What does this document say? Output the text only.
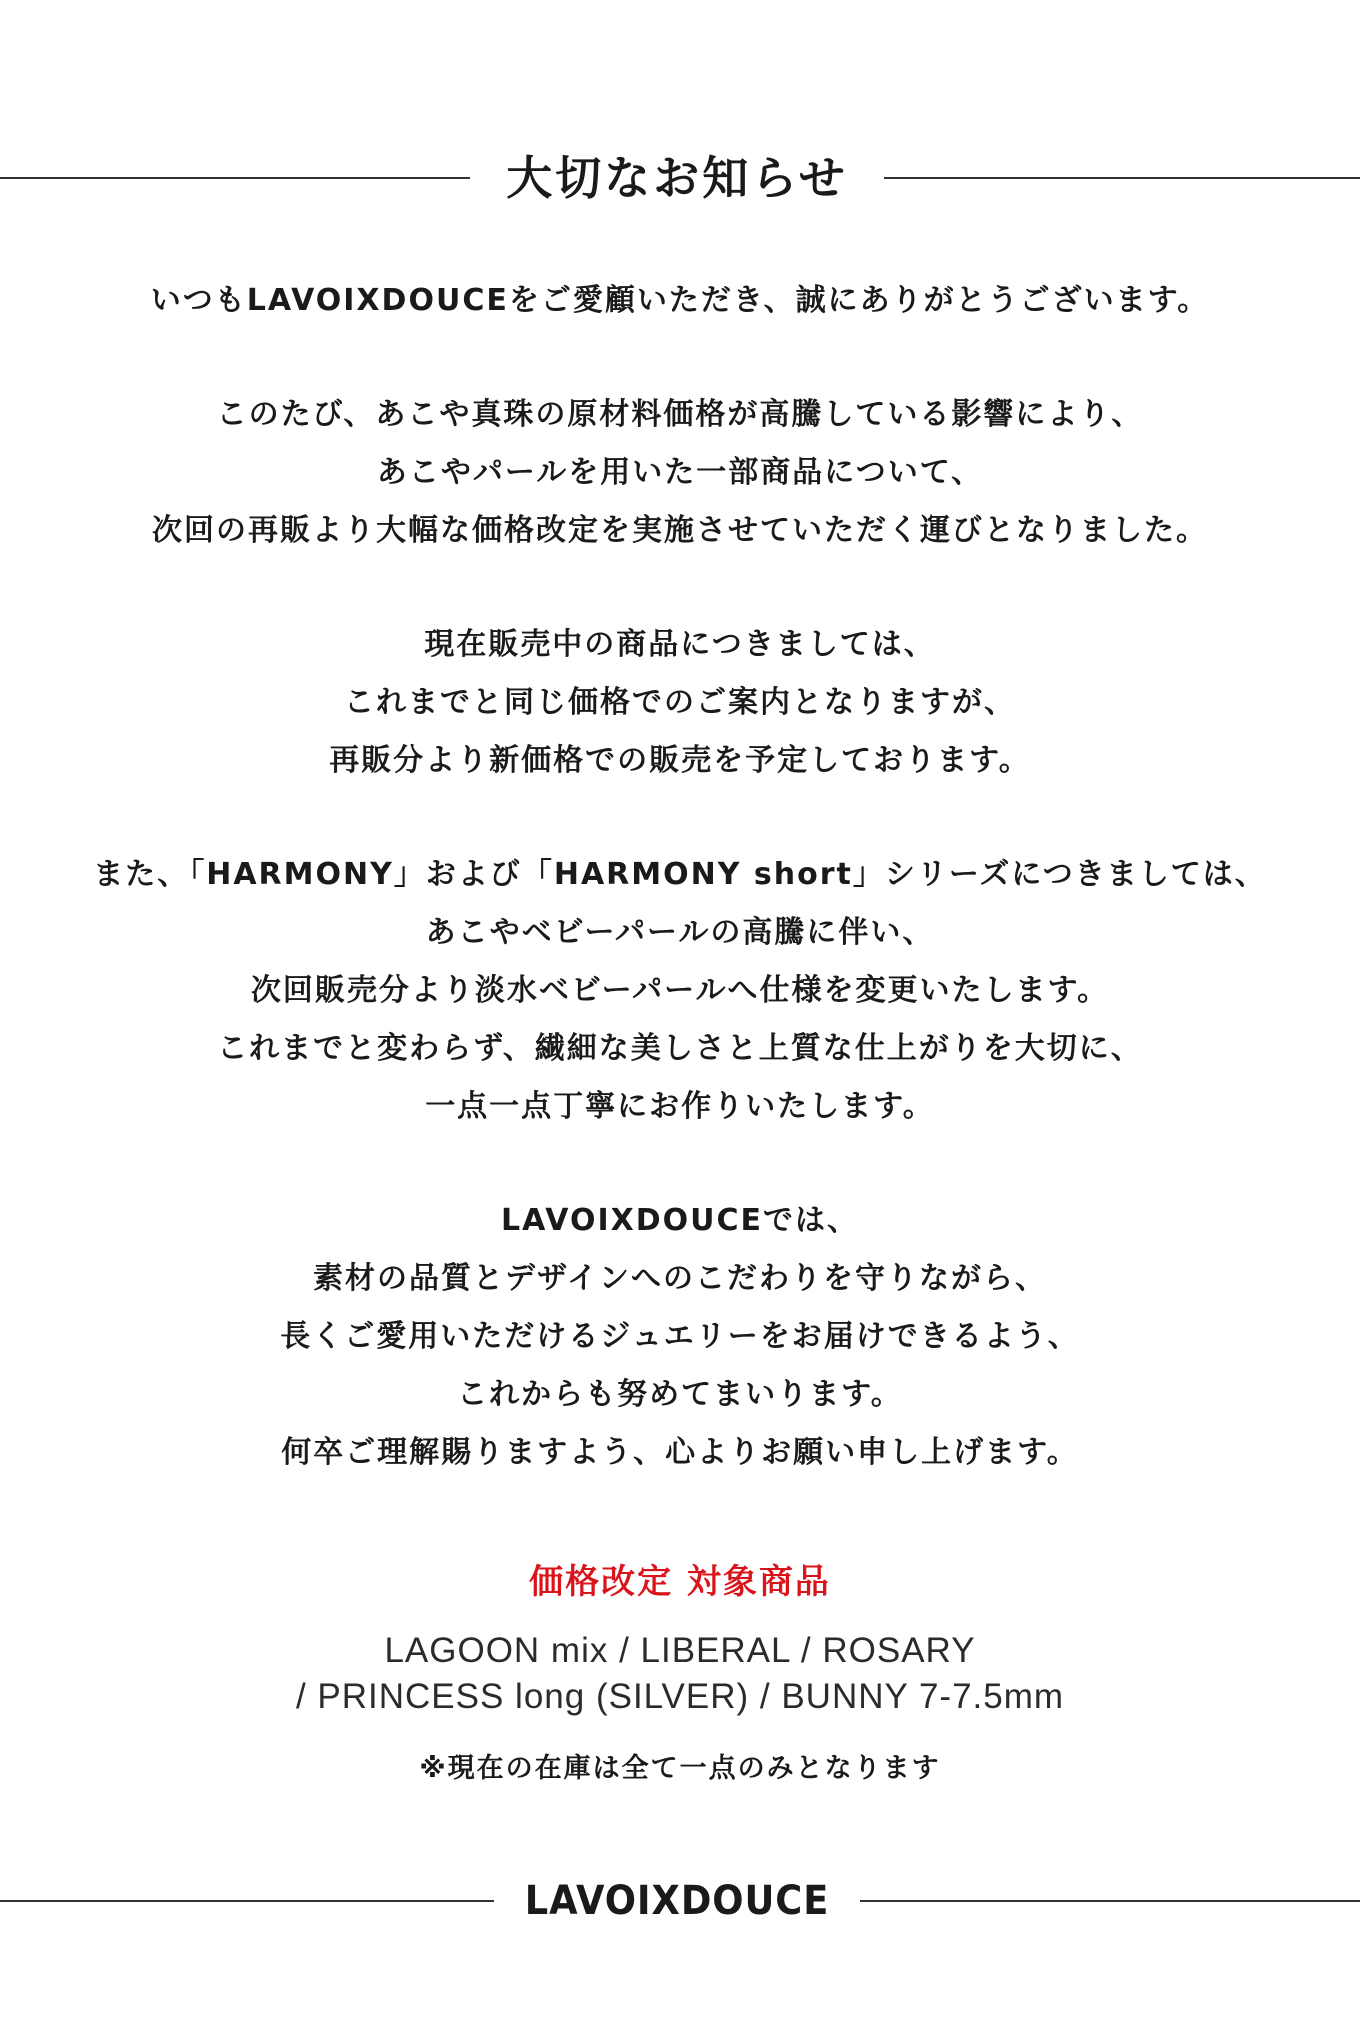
大切なお知らせ
いつもLAVOIXDOUCEをご愛顧いただき、誠にありがとうございます。
このたび、あこや真珠の原材料価格が高騰している影響により、
あこやパールを用いた一部商品について、
次回の再販より大幅な価格改定を実施させていただく運びとなりました。
現在販売中の商品につきましては、
これまでと同じ価格でのご案内となりますが、
再販分より新価格での販売を予定しております。
また、「HARMONY」および「HARMONY short」シリーズにつきましては、
あこやベビーパールの高騰に伴い、
次回販売分より淡水ベビーパールへ仕様を変更いたします。
これまでと変わらず、繊細な美しさと上質な仕上がりを大切に、
一点一点丁寧にお作りいたします。
LAVOIXDOUCEでは、
素材の品質とデザインへのこだわりを守りながら、
長くご愛用いただけるジュエリーをお届けできるよう、
これからも努めてまいります。
何卒ご理解賜りますよう、心よりお願い申し上げます。
価格改定 対象商品
LAGOON mix / LIBERAL / ROSARY
/ PRINCESS long (SILVER) / BUNNY 7-7.5mm
※現在の在庫は全て一点のみとなります
LAVOIXDOUCE
